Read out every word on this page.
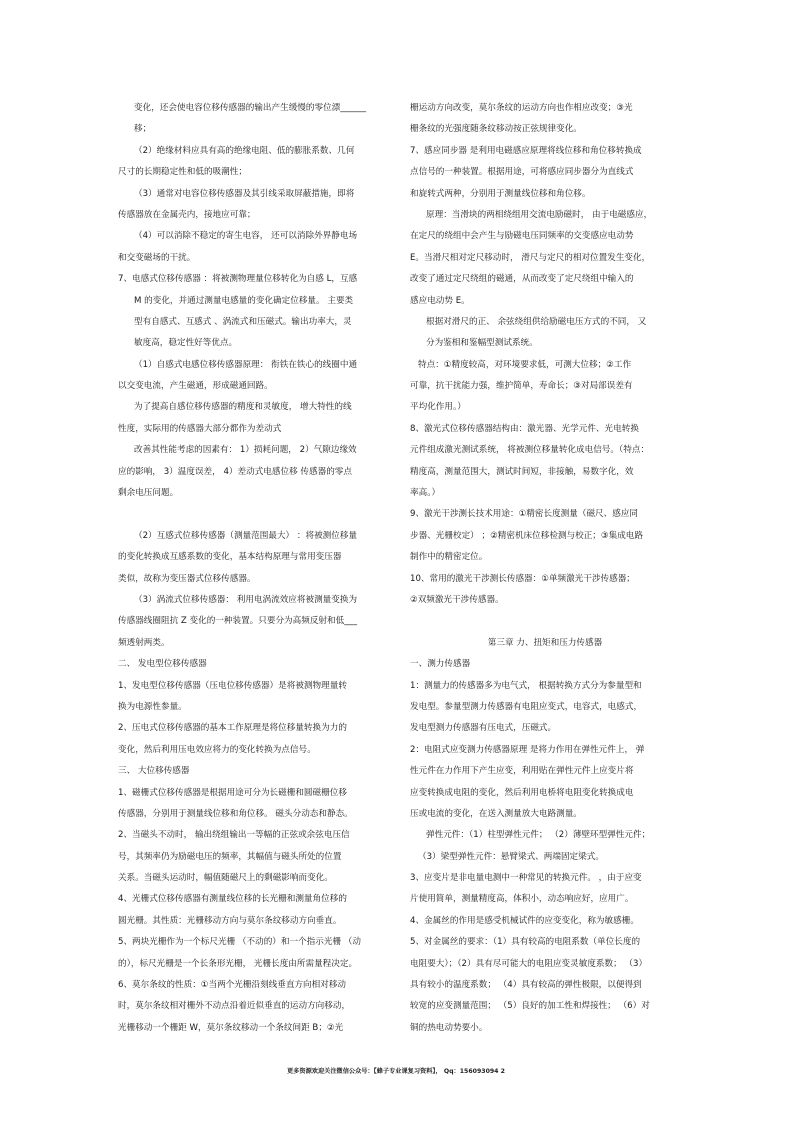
变化，还会使电容位移传感器的输出产生缓慢的零位漂______
移；
（2）绝缘材料应具有高的绝缘电阻、低的膨胀系数、几何
尺寸的长期稳定性和低的吸潮性；
（3）通常对电容位移传感器及其引线采取屏蔽措施，即将
传感器放在金属壳内，接地应可靠；
（4）可以消除不稳定的寄生电容， 还可以消除外界静电场
和交变磁场的干扰。
7、电感式位移传感器 ：将被测物理量位移转化为自感 L，互感
M 的变化，并通过测量电感量的变化确定位移量。 主要类
型有自感式、互感式 、涡流式和压磁式。输出功率大，灵
敏度高，稳定性好等优点。
（1）自感式电感位移传感器原理： 衔铁在铁心的线圈中通
以交变电流，产生磁通，形成磁通回路。
为了提高自感位移传感器的精度和灵敏度， 增大特性的线
性度，实际用的传感器大部分都作为差动式
改善其性能考虑的因素有： 1）损耗问题， 2）气隙边缘效
应的影响， 3）温度误差， 4）差动式电感位移 传感器的零点
剩余电压问题。
（2）互感式位移传感器（测量范围最大） ：将被测位移量
的变化转换成互感系数的变化，基本结构原理与常用变压器
类似，故称为变压器式位移传感器。
（3）涡流式位移传感器： 利用电涡流效应将被测量变换为
传感器线圈阻抗 Z 变化的一种装置。只要分为高频反射和低___
频透射两类。
二、 发电型位移传感器
1、发电型位移传感器（压电位移传感器）是将被测物理量转
换为电源性参量。
2、压电式位移传感器的基本工作原理是将位移量转换为力的
变化，然后利用压电效应将力的变化转换为点信号。
三、 大位移传感器
1、磁栅式位移传感器是根据用途可分为长磁栅和圆磁栅位移
传感器，分别用于测量线位移和角位移。 磁头分动态和静态。
2、当磁头不动时， 输出绕组输出一等幅的正弦或余弦电压信
号，其频率仍为励磁电压的频率，其幅值与磁头所处的位置
关系。当磁头运动时，幅值随磁尺上的剩磁影响而变化。
4、光栅式位移传感器有测量线位移的长光栅和测量角位移的
圆光栅。其性质：光栅移动方向与莫尔条纹移动方向垂直。
5、两块光栅作为一个标尺光栅 （不动的）和一个指示光栅 （动
的），标尺光栅是一个长条形光栅， 光栅长度由所需量程决定。
6、莫尔条纹的性质：①当两个光栅沿刻线垂直方向相对移动
时，莫尔条纹相对栅外不动点沿着近似垂直的运动方向移动，
光栅移动一个栅距 W，莫尔条纹移动一个条纹间距 B；②光
栅运动方向改变，莫尔条纹的运动方向也作相应改变；③光
栅条纹的光强度随条纹移动按正弦规律变化。
7、感应同步器 是利用电磁感应原理将线位移和角位移转换成
点信号的一种装置。根据用途，可将感应同步器分为直线式
和旋转式两种，分别用于测量线位移和角位移。
原理：当滑块的两相绕组用交流电励磁时， 由于电磁感应，
在定尺的绕组中会产生与励磁电压同频率的交变感应电动势
E。当滑尺相对定尺移动时， 滑尺与定尺的相对位置发生变化，
改变了通过定尺绕组的磁通，从而改变了定尺绕组中输入的
感应电动势 E。
根据对滑尺的正、 余弦绕组供给励磁电压方式的不同， 又
分为鉴相和鉴幅型测试系统。
特点：①精度较高，对环境要求低，可测大位移；②工作
可靠，抗干扰能力强，维护简单，寿命长；③对局部误差有
平均化作用。）
8、激光式位移传感器结构由：激光器、光学元件、光电转换
元件组成激光测试系统， 将被测位移量转化成电信号。（特点：
精度高，测量范围大，测试时间短，非接触，易数字化，效
率高。）
9、激光干涉测长技术用途：①精密长度测量（磁尺、感应同
步器、光栅校定） ；②精密机床位移检测与校正；③集成电路
制作中的精密定位。
10、常用的激光干涉测长传感器：①单频激光干涉传感器；
②双频激光干涉传感器。
第三章 力、扭矩和压力传感器
一、测力传感器
1：测量力的传感器多为电气式， 根据转换方式分为参量型和
发电型。参量型测力传感器有电阻应变式，电容式，电感式，
发电型测力传感器有压电式，压磁式。
2：电阻式应变测力传感器原理 是将力作用在弹性元件上， 弹
性元件在力作用下产生应变，利用贴在弹性元件上应变片将
应变转换成电阻的变化，然后利用电桥将电阻变化转换成电
压或电流的变化，在送入测量放大电路测量。
弹性元件：（1）柱型弹性元件； （2）薄壁环型弹性元件；
（3）梁型弹性元件：悬臂梁式、两端固定梁式。
3、应变片是非电量电测中一种常见的转换元件。 ，由于应变
片使用简单，测量精度高，体积小，动态响应好，应用广。
4、金属丝的作用是感受机械试件的应变变化，称为敏感栅。
5、对金属丝的要求：（1）具有较高的电阻系数（单位长度的
电阻要大）；（2）具有尽可能大的电阻应变灵敏度系数； （3）
具有较小的温度系数； （4）具有较高的弹性极限，以便得到
较宽的应变测量范围； （5）良好的加工性和焊接性； （6）对
铜的热电动势要小。
更多资源欢迎关注微信公众号：【蜂子专业课复习资料】， Qq：156093094 2
